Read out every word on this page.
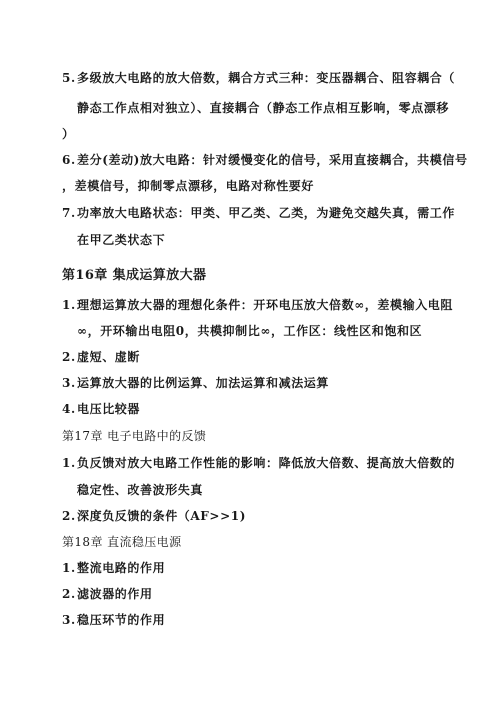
5.多级放大电路的放大倍数，耦合方式三种：变压器耦合、阻容耦合（
静态工作点相对独立）、直接耦合（静态工作点相互影响，零点漂移
）
6.差分(差动)放大电路：针对缓慢变化的信号，采用直接耦合，共模信号
，差模信号，抑制零点漂移，电路对称性要好
7.功率放大电路状态：甲类、甲乙类、乙类，为避免交越失真，需工作
在甲乙类状态下
第16章 集成运算放大器
1.理想运算放大器的理想化条件：开环电压放大倍数∞，差模输入电阻
∞，开环输出电阻0，共模抑制比∞，工作区：线性区和饱和区
2.虚短、虚断
3.运算放大器的比例运算、加法运算和减法运算
4.电压比较器
第17章 电子电路中的反馈
1.负反馈对放大电路工作性能的影响：降低放大倍数、提高放大倍数的
稳定性、改善波形失真
2.深度负反馈的条件（AF>>1)
第18章 直流稳压电源
1.整流电路的作用
2.滤波器的作用
3.稳压环节的作用
